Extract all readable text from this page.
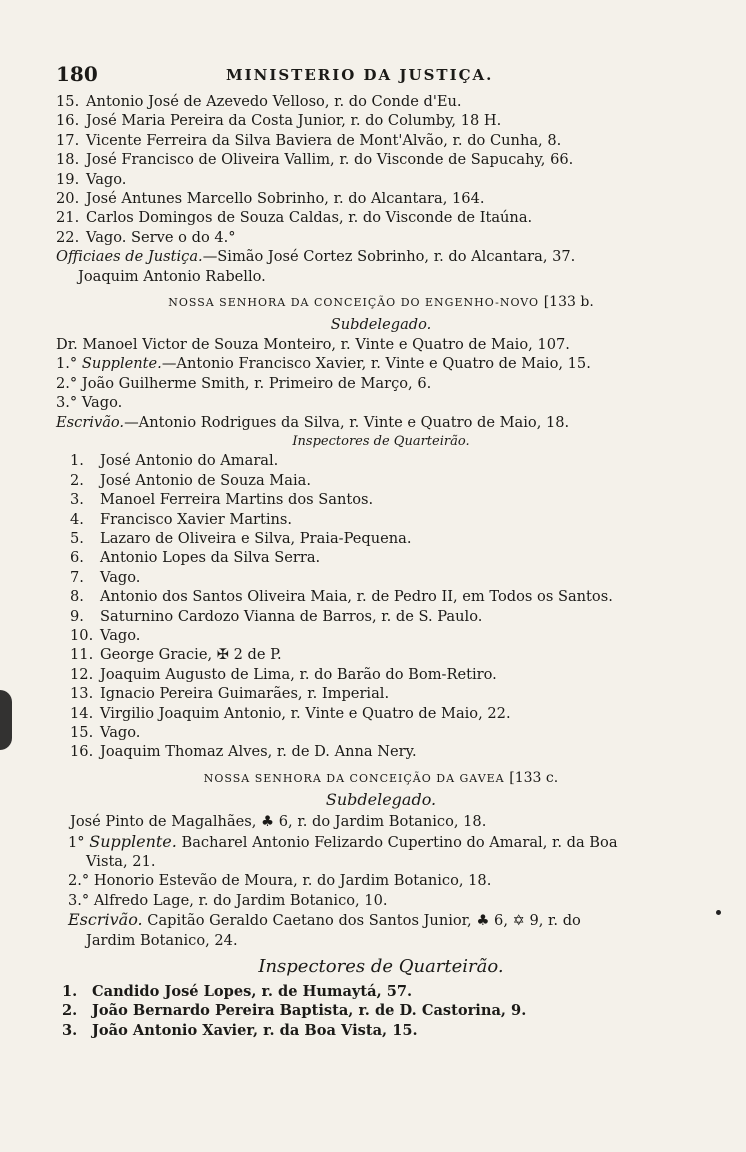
180	MINISTERIO DA JUSTIÇA.
15. Antonio José de Azevedo Velloso, r. do Conde d'Eu.
16. José Maria Pereira da Costa Junior, r. do Columby, 18 H.
17. Vicente Ferreira da Silva Baviera de Mont'Alvão, r. do Cunha, 8.
18. José Francisco de Oliveira Vallim, r. do Visconde de Sapucahy, 66.
19. Vago.
20. José Antunes Marcello Sobrinho, r. do Alcantara, 164.
21. Carlos Domingos de Souza Caldas, r. do Visconde de Itaúna.
22. Vago. Serve o do 4.°
Officiaes de Justiça.—Simão José Cortez Sobrinho, r. do Alcantara, 37.
Joaquim Antonio Rabello.
NOSSA SENHORA DA CONCEIÇÃO DO ENGENHO-NOVO [133 b.
Subdelegado.
Dr. Manoel Victor de Souza Monteiro, r. Vinte e Quatro de Maio, 107.
1.° Supplente.—Antonio Francisco Xavier, r. Vinte e Quatro de Maio, 15.
2.° João Guilherme Smith, r. Primeiro de Março, 6.
3.° Vago.
Escrivão.—Antonio Rodrigues da Silva, r. Vinte e Quatro de Maio, 18.
Inspectores de Quarteirão.
1. José Antonio do Amaral.
2. José Antonio de Souza Maia.
3. Manoel Ferreira Martins dos Santos.
4. Francisco Xavier Martins.
5. Lazaro de Oliveira e Silva, Praia-Pequena.
6. Antonio Lopes da Silva Serra.
7. Vago.
8. Antonio dos Santos Oliveira Maia, r. de Pedro II, em Todos os Santos.
9. Saturnino Cardozo Vianna de Barros, r. de S. Paulo.
10. Vago.
11. George Gracie, ✠ 2 de P.
12. Joaquim Augusto de Lima, r. do Barão do Bom-Retiro.
13. Ignacio Pereira Guimarães, r. Imperial.
14. Virgilio Joaquim Antonio, r. Vinte e Quatro de Maio, 22.
15. Vago.
16. Joaquim Thomaz Alves, r. de D. Anna Nery.
NOSSA SENHORA DA CONCEIÇÃO DA GAVEA [133 c.
Subdelegado.
José Pinto de Magalhães, ♣ 6, r. do Jardim Botanico, 18.
1° Supplente. Bacharel Antonio Felizardo Cupertino do Amaral, r. da Boa
Vista, 21.
2.° Honorio Estevão de Moura, r. do Jardim Botanico, 18.
3.° Alfredo Lage, r. do Jardim Botanico, 10.
Escrivão. Capitão Geraldo Caetano dos Santos Junior, ♣ 6, ✡ 9, r. do
Jardim Botanico, 24.
Inspectores de Quarteirão.
1. Candido José Lopes, r. de Humaytá, 57.
2. João Bernardo Pereira Baptista, r. de D. Castorina, 9.
3. João Antonio Xavier, r. da Boa Vista, 15.
